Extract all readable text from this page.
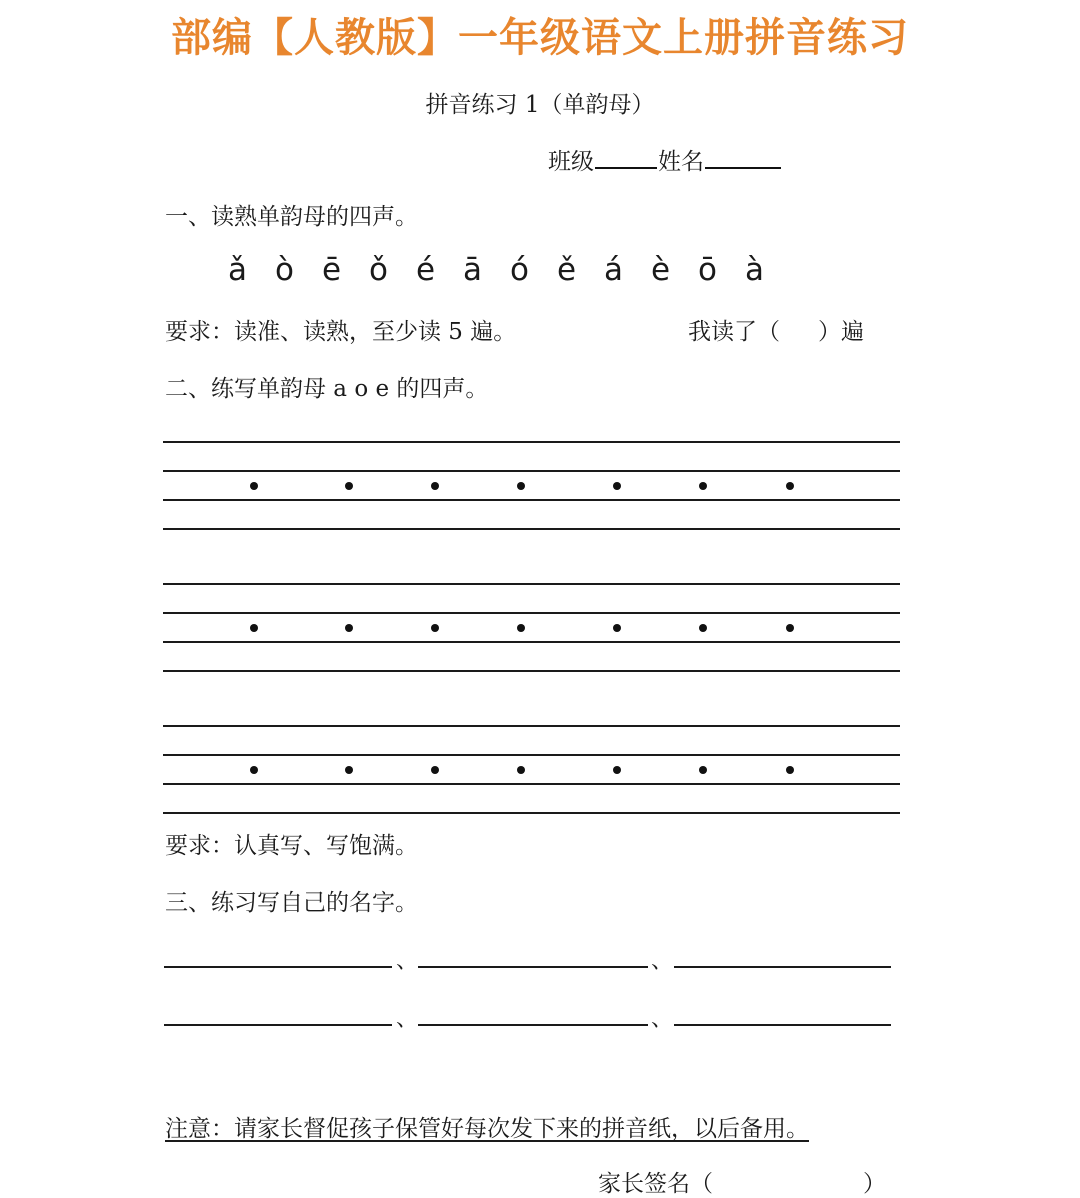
部编【人教版】一年级语文上册拼音练习
拼音练习 1（单韵母）
班级	姓名
一、读熟单韵母的四声。
ǎ ò ē ǒ é ā ó ě á è ō à
要求：读准、读熟，至少读 5 遍。	我读了（ ）遍
二、练写单韵母 a o e 的四声。
要求：认真写、写饱满。
三、练习写自己的名字。
、	、
、	、
注意：请家长督促孩子保管好每次发下来的拼音纸，以后备用。
家长签名（	）
